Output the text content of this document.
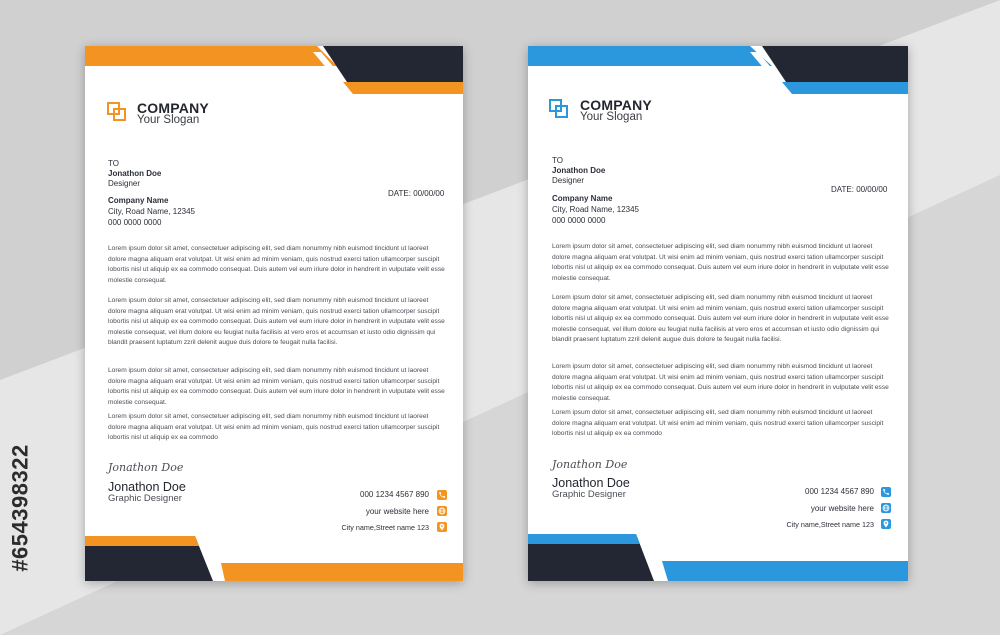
#654398322
COMPANY
Your Slogan
TO
Jonathon Doe
Designer
DATE: 00/00/00
Company Name
City, Road Name, 12345
000 0000 0000
Lorem ipsum dolor sit amet, consectetuer adipiscing elit, sed diam nonummy nibh euismod tincidunt ut laoreet dolore magna aliquam erat volutpat. Ut wisi enim ad minim veniam, quis nostrud exerci tation ullamcorper suscipit lobortis nisl ut aliquip ex ea commodo consequat. Duis autem vel eum iriure dolor in hendrerit in vulputate velit esse molestie consequat.
Lorem ipsum dolor sit amet, consectetuer adipiscing elit, sed diam nonummy nibh euismod tincidunt ut laoreet dolore magna aliquam erat volutpat. Ut wisi enim ad minim veniam, quis nostrud exerci tation ullamcorper suscipit lobortis nisl ut aliquip ex ea commodo consequat. Duis autem vel eum iriure dolor in hendrerit in vulputate velit esse molestie consequat, vel illum dolore eu feugiat nulla facilisis at vero eros et accumsan et iusto odio dignissim qui blandit praesent luptatum zzril delenit augue duis dolore te feugait nulla facilisi.
Lorem ipsum dolor sit amet, consectetuer adipiscing elit, sed diam nonummy nibh euismod tincidunt ut laoreet dolore magna aliquam erat volutpat. Ut wisi enim ad minim veniam, quis nostrud exerci tation ullamcorper suscipit lobortis nisl ut aliquip ex ea commodo consequat. Duis autem vel eum iriure dolor in hendrerit in vulputate velit esse molestie consequat.
Lorem ipsum dolor sit amet, consectetuer adipiscing elit, sed diam nonummy nibh euismod tincidunt ut laoreet dolore magna aliquam erat volutpat. Ut wisi enim ad minim veniam, quis nostrud exerci tation ullamcorper suscipit lobortis nisl ut aliquip ex ea commodo
Jonathon Doe
Jonathon Doe
Graphic Designer	000 1234 4567 890
your website here
City name,Street name 123
COMPANY
Your Slogan
TO
Jonathon Doe
Designer
DATE: 00/00/00
Company Name
City, Road Name, 12345
000 0000 0000
Lorem ipsum dolor sit amet, consectetuer adipiscing elit, sed diam nonummy nibh euismod tincidunt ut laoreet dolore magna aliquam erat volutpat. Ut wisi enim ad minim veniam, quis nostrud exerci tation ullamcorper suscipit lobortis nisl ut aliquip ex ea commodo consequat. Duis autem vel eum iriure dolor in hendrerit in vulputate velit esse molestie consequat.
Lorem ipsum dolor sit amet, consectetuer adipiscing elit, sed diam nonummy nibh euismod tincidunt ut laoreet dolore magna aliquam erat volutpat. Ut wisi enim ad minim veniam, quis nostrud exerci tation ullamcorper suscipit lobortis nisl ut aliquip ex ea commodo consequat. Duis autem vel eum iriure dolor in hendrerit in vulputate velit esse molestie consequat, vel illum dolore eu feugiat nulla facilisis at vero eros et accumsan et iusto odio dignissim qui blandit praesent luptatum zzril delenit augue duis dolore te feugait nulla facilisi.
Lorem ipsum dolor sit amet, consectetuer adipiscing elit, sed diam nonummy nibh euismod tincidunt ut laoreet dolore magna aliquam erat volutpat. Ut wisi enim ad minim veniam, quis nostrud exerci tation ullamcorper suscipit lobortis nisl ut aliquip ex ea commodo consequat. Duis autem vel eum iriure dolor in hendrerit in vulputate velit esse molestie consequat.
Lorem ipsum dolor sit amet, consectetuer adipiscing elit, sed diam nonummy nibh euismod tincidunt ut laoreet dolore magna aliquam erat volutpat. Ut wisi enim ad minim veniam, quis nostrud exerci tation ullamcorper suscipit lobortis nisl ut aliquip ex ea commodo
Jonathon Doe
Jonathon Doe
Graphic Designer	000 1234 4567 890
your website here
City name,Street name 123
